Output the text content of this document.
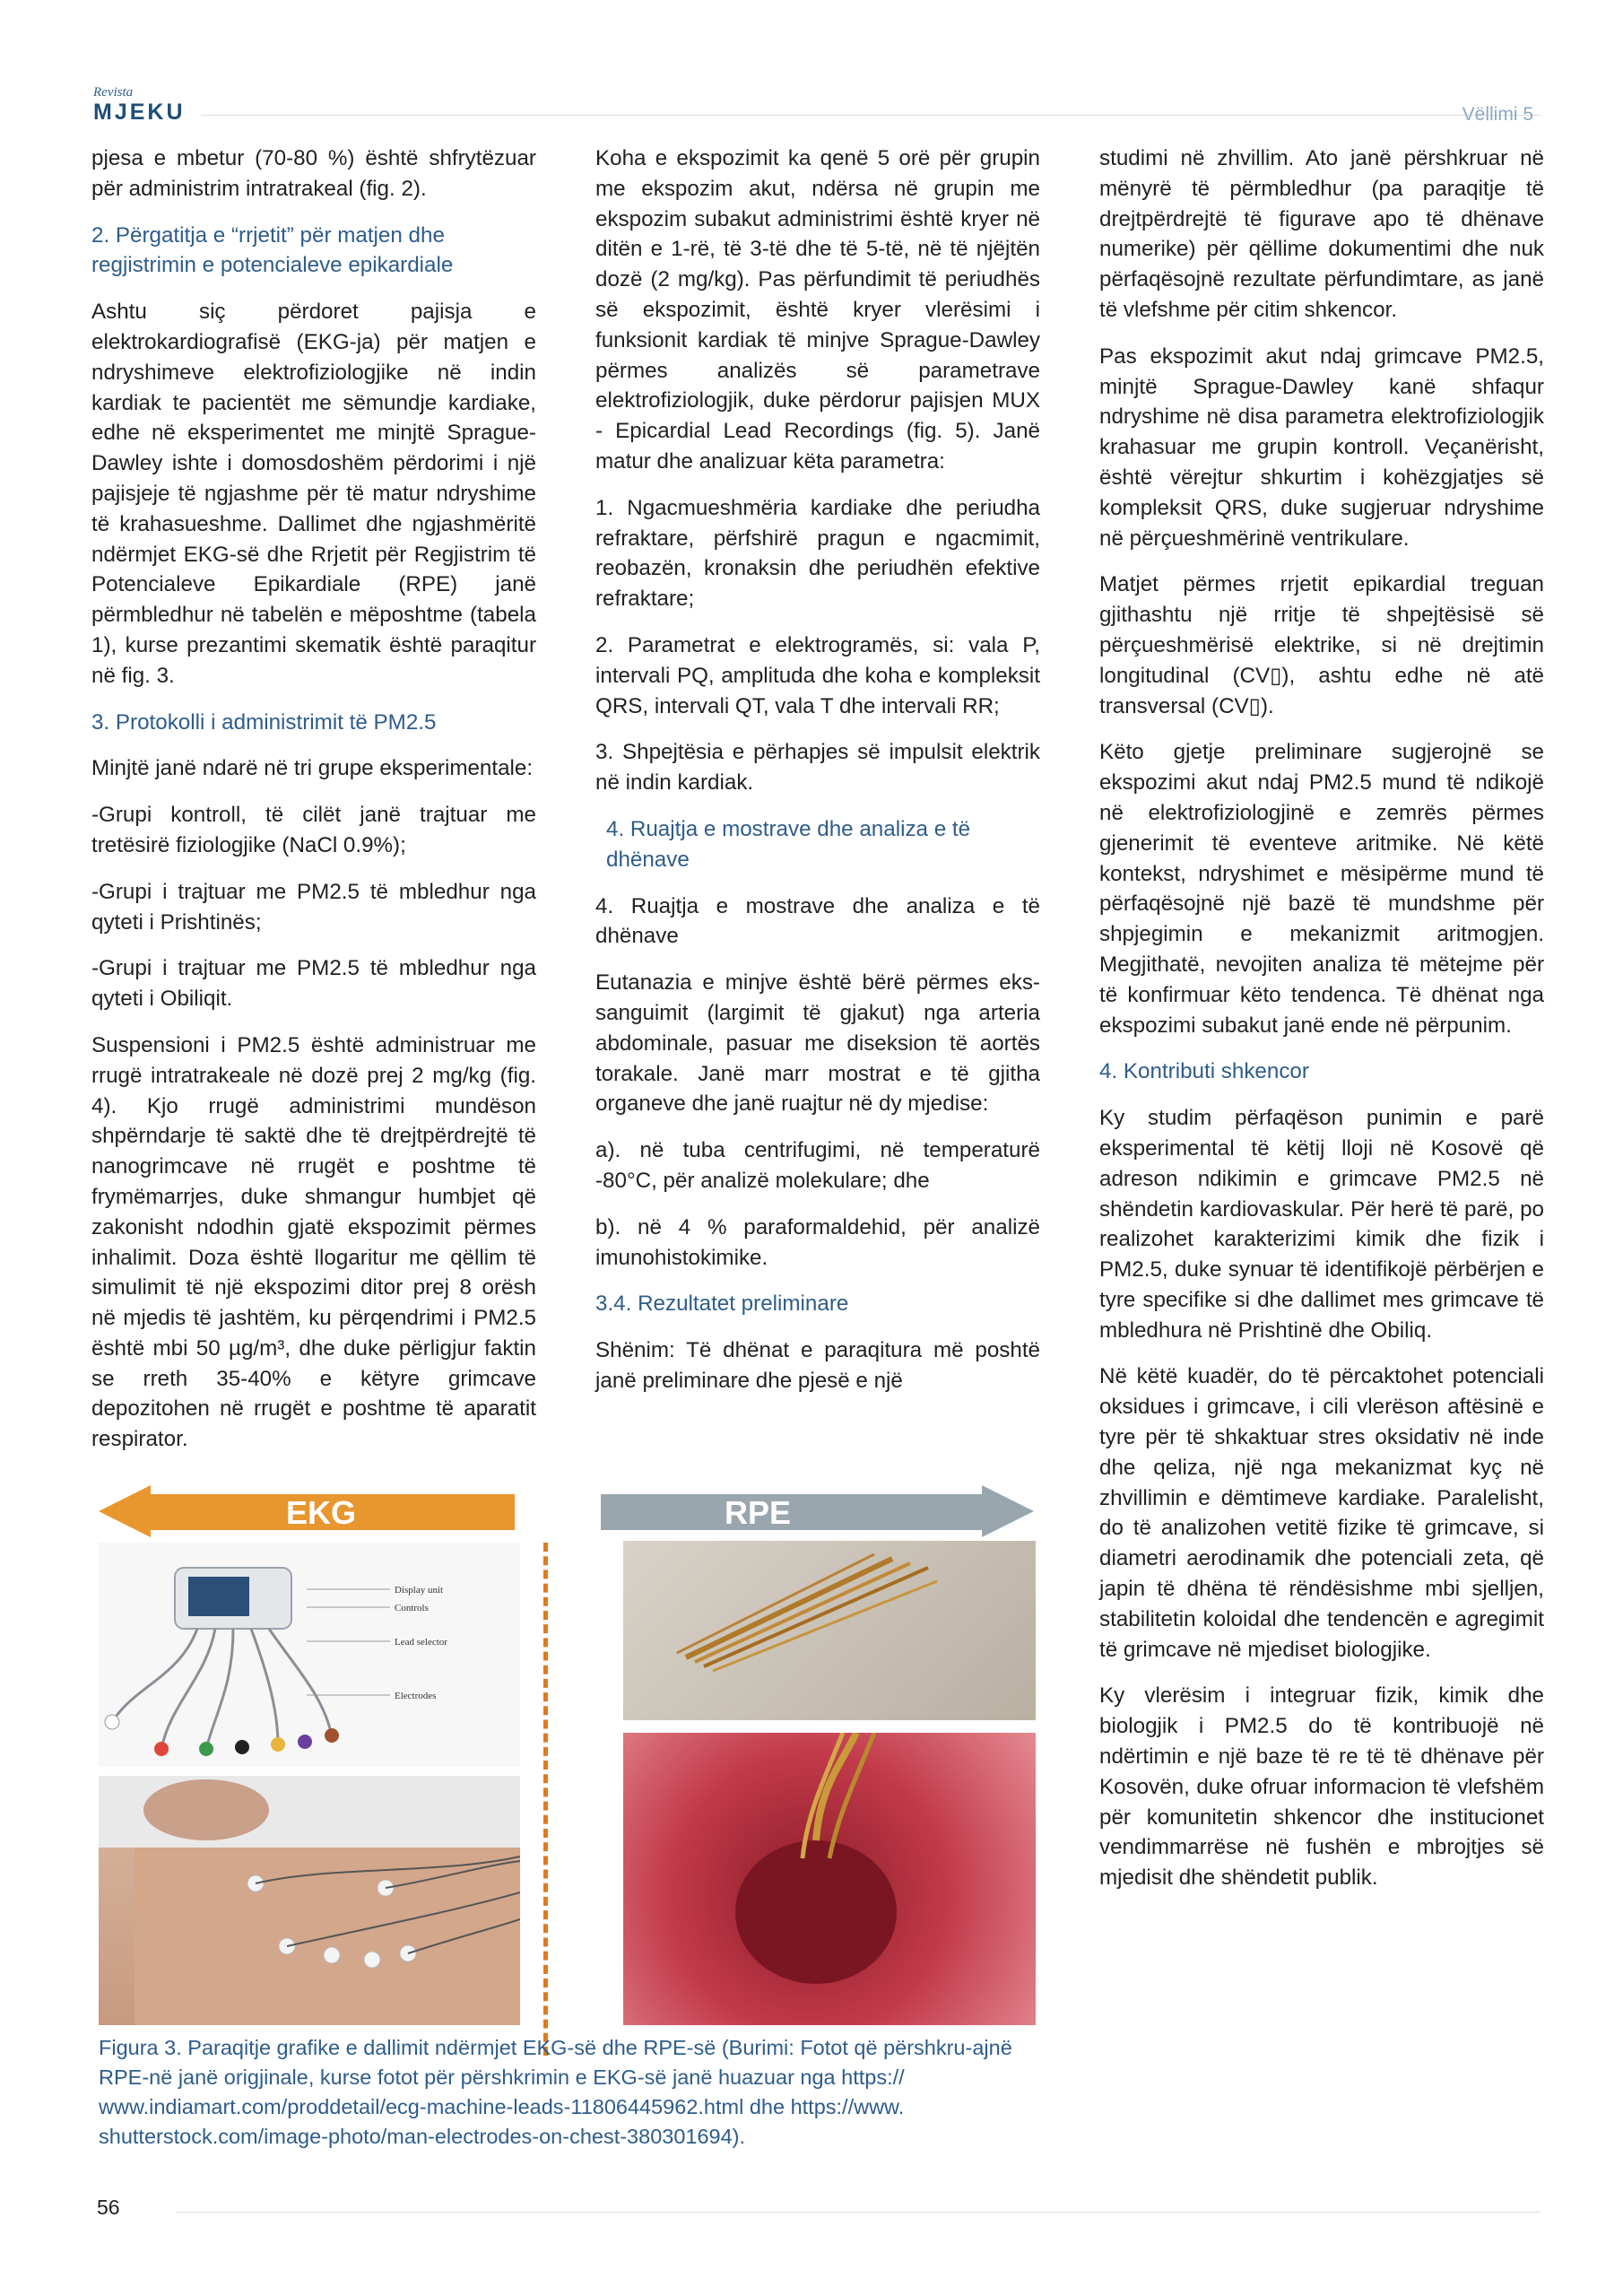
Revista
MJEKU	Vëllimi 5

pjesa e mbetur (70-80 %) është shfrytëzuar për administrim intratrakeal (fig. 2).

2. Përgatitja e “rrjetit” për matjen dhe regjistrimin e potencialeve epikardiale

Ashtu siç përdoret pajisja e elektrokardiografisë (EKG-ja) për matjen e ndryshimeve elektrofiziologjike në indin kardiak te pacientët me sëmundje kardiake, edhe në eksperimentet me minjtë Sprague-Dawley ishte i domosdoshëm përdorimi i një pajisjeje të ngjashme për të matur ndryshime të krahasueshme. Dallimet dhe ngjashmëritë ndërmjet EKG-së dhe Rrjetit për Regjistrim të Potencialeve Epikardiale (RPE) janë përmbledhur në tabelën e mëposhtme (tabela 1), kurse prezantimi skematik është paraqitur në fig. 3.

3. Protokolli i administrimit të PM2.5

Minjtë janë ndarë në tri grupe eksperimentale:

-Grupi kontroll, të cilët janë trajtuar me tretësirë fiziologjike (NaCl 0.9%);

-Grupi i trajtuar me PM2.5 të mbledhur nga qyteti i Prishtinës;

-Grupi i trajtuar me PM2.5 të mbledhur nga qyteti i Obiliqit.

Suspensioni i PM2.5 është administruar me rrugë intratrakeale në dozë prej 2 mg/kg (fig. 4). Kjo rrugë administrimi mundëson shpërndarje të saktë dhe të drejtpërdrejtë të nanogrimcave në rrugët e poshtme të frymëmarrjes, duke shmangur humbjet që zakonisht ndodhin gjatë ekspozimit përmes inhalimit. Doza është llogaritur me qëllim të simulimit të një ekspozimi ditor prej 8 orësh në mjedis të jashtëm, ku përqendrimi i PM2.5 është mbi 50 µg/m³, dhe duke përligjur faktin se rreth 35-40% e këtyre grimcave depozitohen në rrugët e poshtme të aparatit respirator.

Koha e ekspozimit ka qenë 5 orë për grupin me ekspozim akut, ndërsa në grupin me ekspozim subakut administrimi është kryer në ditën e 1-rë, të 3-të dhe të 5-të, në të njëjtën dozë (2 mg/kg). Pas përfundimit të periudhës së ekspozimit, është kryer vlerësimi i funksionit kardiak të minjve Sprague-Dawley përmes analizës së parametrave elektrofiziologjik, duke përdorur pajisjen MUX - Epicardial Lead Recordings (fig. 5). Janë matur dhe analizuar këta parametra:

1. Ngacmueshmëria kardiake dhe periudha refraktare, përfshirë pragun e ngacmimit, reobazën, kronaksin dhe periudhën efektive refraktare;

2. Parametrat e elektrogramës, si: vala P, intervali PQ, amplituda dhe koha e kompleksit QRS, intervali QT, vala T dhe intervali RR;

3. Shpejtësia e përhapjes së impulsit elektrik në indin kardiak.

4. Ruajtja e mostrave dhe analiza e të dhënave

4. Ruajtja e mostrave dhe analiza e të dhënave

Eutanazia e minjve është bërë përmes eks-sanguimit (largimit të gjakut) nga arteria abdominale, pasuar me diseksion të aortës torakale. Janë marr mostrat e të gjitha organeve dhe janë ruajtur në dy mjedise:

a). në tuba centrifugimi, në temperaturë -80°C, për analizë molekulare; dhe

b). në 4 % paraformaldehid, për analizë imunohistokimike.

3.4. Rezultatet preliminare

Shënim: Të dhënat e paraqitura më poshtë janë preliminare dhe pjesë e një

studimi në zhvillim. Ato janë përshkruar në mënyrë të përmbledhur (pa paraqitje të drejtpërdrejtë të figurave apo të dhënave numerike) për qëllime dokumentimi dhe nuk përfaqësojnë rezultate përfundimtare, as janë të vlefshme për citim shkencor.

Pas ekspozimit akut ndaj grimcave PM2.5, minjtë Sprague-Dawley kanë shfaqur ndryshime në disa parametra elektrofiziologjik krahasuar me grupin kontroll. Veçanërisht, është vërejtur shkurtim i kohëzgjatjes së kompleksit QRS, duke sugjeruar ndryshime në përçueshmërinë ventrikulare.

Matjet përmes rrjetit epikardial treguan gjithashtu një rritje të shpejtësisë së përçueshmërisë elektrike, si në drejtimin longitudinal (CV▯), ashtu edhe në atë transversal (CV▯).

Këto gjetje preliminare sugjerojnë se ekspozimi akut ndaj PM2.5 mund të ndikojë në elektrofiziologjinë e zemrës përmes gjenerimit të eventeve aritmike. Në këtë kontekst, ndryshimet e mësipërme mund të përfaqësojnë një bazë të mundshme për shpjegimin e mekanizmit aritmogjen. Megjithatë, nevojiten analiza të mëtejme për të konfirmuar këto tendenca. Të dhënat nga ekspozimi subakut janë ende në përpunim.

4. Kontributi shkencor

Ky studim përfaqëson punimin e parë eksperimental të këtij lloji në Kosovë që adreson ndikimin e grimcave PM2.5 në shëndetin kardiovaskular. Për herë të parë, po realizohet karakterizimi kimik dhe fizik i PM2.5, duke synuar të identifikojë përbërjen e tyre specifike si dhe dallimet mes grimcave të mbledhura në Prishtinë dhe Obiliq.

Në këtë kuadër, do të përcaktohet potenciali oksidues i grimcave, i cili vlerëson aftësinë e tyre për të shkaktuar stres oksidativ në inde dhe qeliza, një nga mekanizmat kyç në zhvillimin e dëmtimeve kardiake. Paralelisht, do të analizohen vetitë fizike të grimcave, si diametri aerodinamik dhe potenciali zeta, që japin të dhëna të rëndësishme mbi sjelljen, stabilitetin koloidal dhe tendencën e agregimit të grimcave në mjediset biologjike.

Ky vlerësim i integruar fizik, kimik dhe biologjik i PM2.5 do të kontribuojë në ndërtimin e një baze të re të të dhënave për Kosovën, duke ofruar informacion të vlefshëm për komunitetin shkencor dhe institucionet vendimmarrëse në fushën e mbrojtjes së mjedisit dhe shëndetit publik.

EKG	RPE
Display unit
Controls
Lead selector
Electrodes
Figura 3. Paraqitje grafike e dallimit ndërmjet EKG-së dhe RPE-së (Burimi: Fotot që përshkru-ajnë RPE-në janë origjinale, kurse fotot për përshkrimin e EKG-së janë huazuar nga https:// www.indiamart.com/proddetail/ecg-machine-leads-11806445962.html dhe https://www. shutterstock.com/image-photo/man-electrodes-on-chest-380301694).
56
